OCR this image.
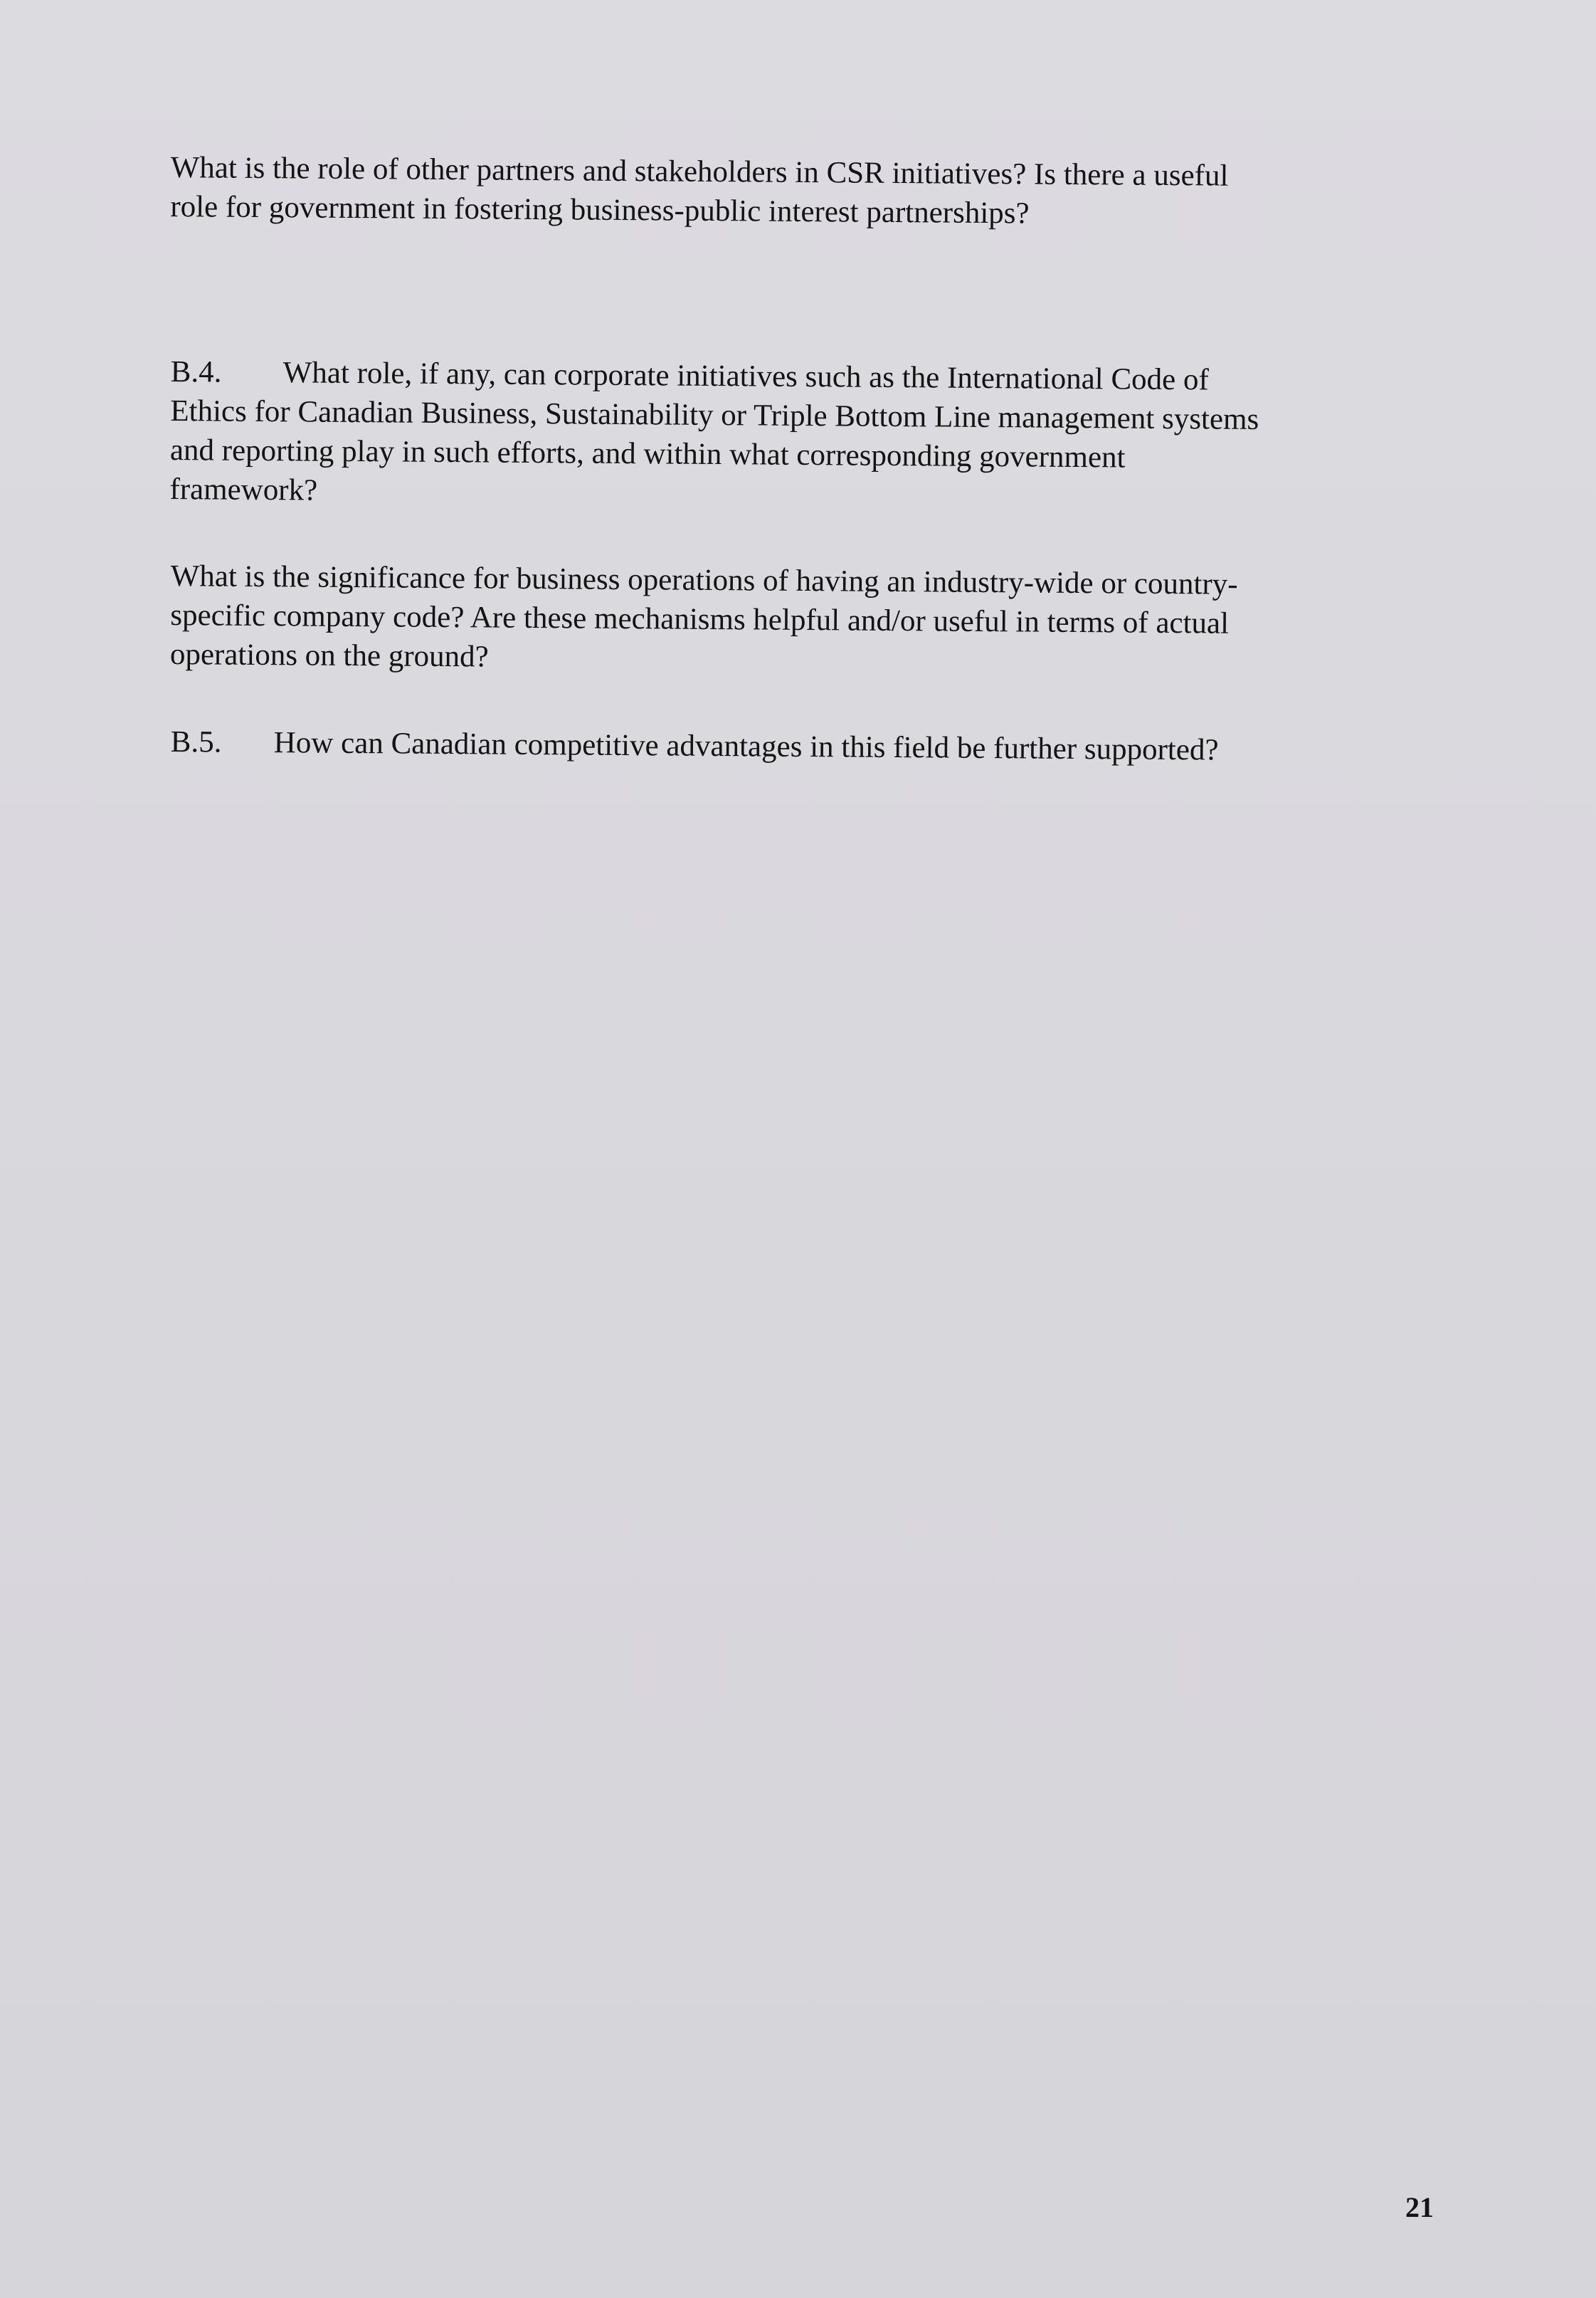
What is the role of other partners and stakeholders in CSR initiatives? Is there a useful
role for government in fostering business-public interest partnerships?
B.4. What role, if any, can corporate initiatives such as the International Code of
Ethics for Canadian Business, Sustainability or Triple Bottom Line management systems
and reporting play in such efforts, and within what corresponding government
framework?
What is the significance for business operations of having an industry-wide or country-
specific company code? Are these mechanisms helpful and/or useful in terms of actual
operations on the ground?
B.5. How can Canadian competitive advantages in this field be further supported?

21
